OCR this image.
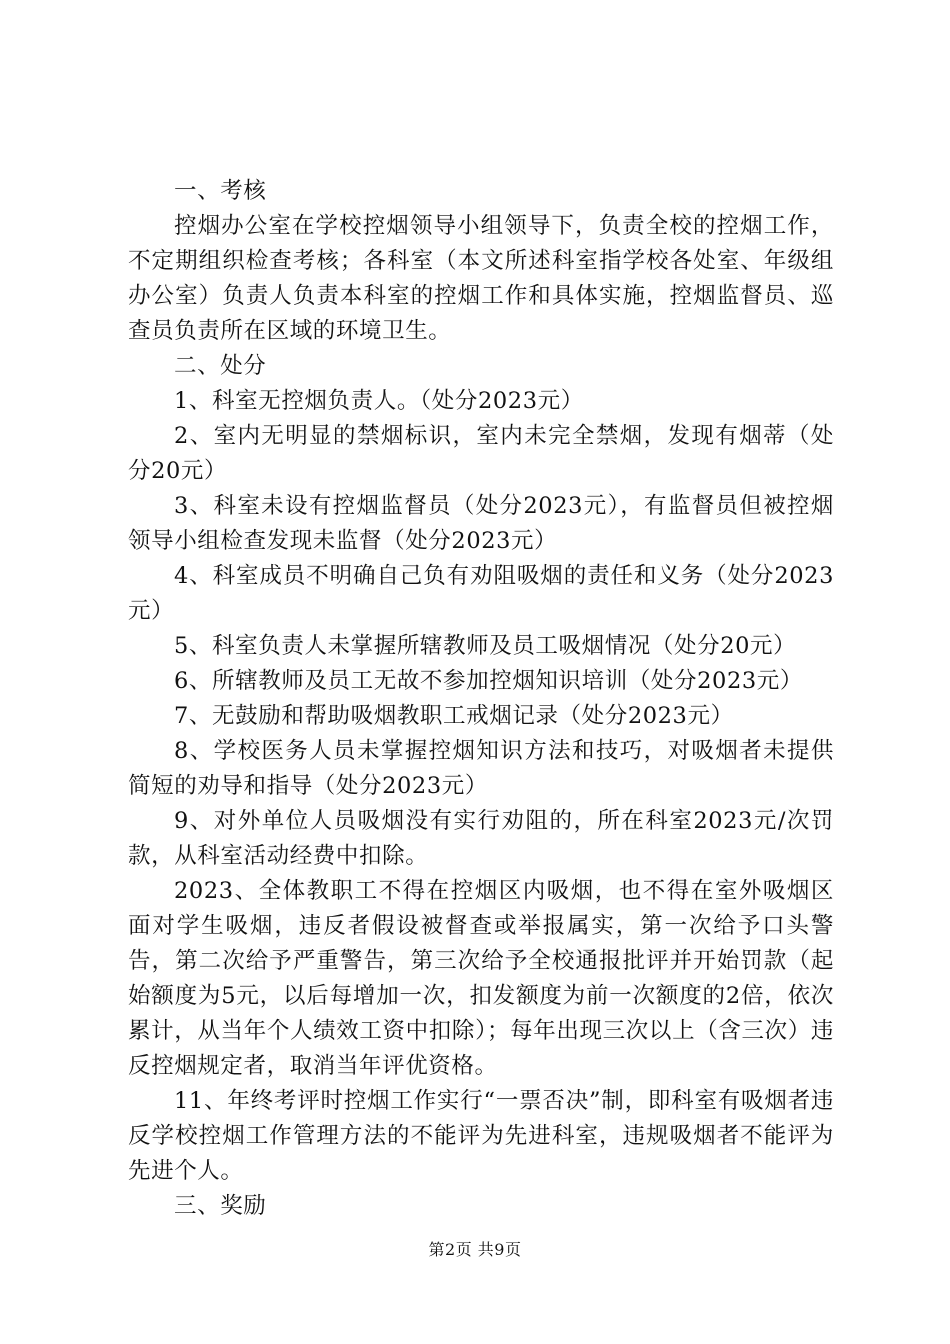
一、考核

控烟办公室在学校控烟领导小组领导下，负责全校的控烟工作，不定期组织检查考核；各科室（本文所述科室指学校各处室、年级组办公室）负责人负责本科室的控烟工作和具体实施，控烟监督员、巡查员负责所在区域的环境卫生。

二、处分

1、科室无控烟负责人。（处分2023元）

2、室内无明显的禁烟标识，室内未完全禁烟，发现有烟蒂（处分20元）

3、科室未设有控烟监督员（处分2023元），有监督员但被控烟领导小组检查发现未监督（处分2023元）

4、科室成员不明确自己负有劝阻吸烟的责任和义务（处分2023元）

5、科室负责人未掌握所辖教师及员工吸烟情况（处分20元）

6、所辖教师及员工无故不参加控烟知识培训（处分2023元）

7、无鼓励和帮助吸烟教职工戒烟记录（处分2023元）

8、学校医务人员未掌握控烟知识方法和技巧，对吸烟者未提供简短的劝导和指导（处分2023元）

9、对外单位人员吸烟没有实行劝阻的，所在科室2023元/次罚款，从科室活动经费中扣除。

2023、全体教职工不得在控烟区内吸烟，也不得在室外吸烟区面对学生吸烟，违反者假设被督查或举报属实，第一次给予口头警告，第二次给予严重警告，第三次给予全校通报批评并开始罚款（起始额度为5元，以后每增加一次，扣发额度为前一次额度的2倍，依次累计，从当年个人绩效工资中扣除）；每年出现三次以上（含三次）违反控烟规定者，取消当年评优资格。

11、年终考评时控烟工作实行“一票否决”制，即科室有吸烟者违反学校控烟工作管理方法的不能评为先进科室，违规吸烟者不能评为先进个人。

三、奖励

第2页 共9页
